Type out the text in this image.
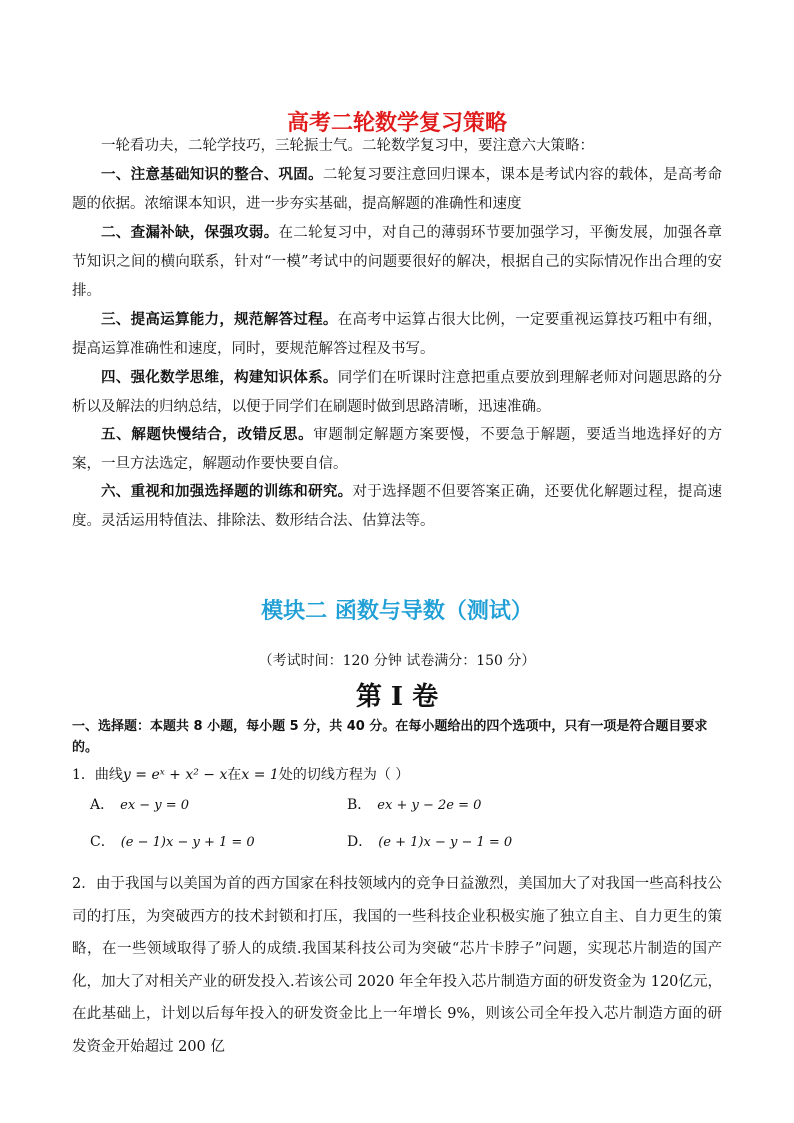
高考二轮数学复习策略
一轮看功夫，二轮学技巧，三轮振士气。二轮数学复习中，要注意六大策略：
一、注意基础知识的整合、巩固。二轮复习要注意回归课本，课本是考试内容的载体，是高考命题的依据。浓缩课本知识，进一步夯实基础，提高解题的准确性和速度
二、查漏补缺，保强攻弱。在二轮复习中，对自己的薄弱环节要加强学习，平衡发展，加强各章节知识之间的横向联系，针对“一模”考试中的问题要很好的解决，根据自己的实际情况作出合理的安排。
三、提高运算能力，规范解答过程。在高考中运算占很大比例，一定要重视运算技巧粗中有细，提高运算准确性和速度，同时，要规范解答过程及书写。
四、强化数学思维，构建知识体系。同学们在听课时注意把重点要放到理解老师对问题思路的分析以及解法的归纳总结，以便于同学们在刷题时做到思路清晰，迅速准确。
五、解题快慢结合，改错反思。审题制定解题方案要慢，不要急于解题，要适当地选择好的方案，一旦方法选定，解题动作要快要自信。
六、重视和加强选择题的训练和研究。对于选择题不但要答案正确，还要优化解题过程，提高速度。灵活运用特值法、排除法、数形结合法、估算法等。
模块二 函数与导数（测试）
（考试时间：120 分钟 试卷满分：150 分）
第 I 卷
一、选择题：本题共 8 小题，每小题 5 分，共 40 分。在每小题给出的四个选项中，只有一项是符合题目要求的。
1．曲线y = eˣ + x² − x在x = 1处的切线方程为（ ）
A． ex − y = 0	B． ex + y − 2e = 0
C． (e − 1)x − y + 1 = 0	D． (e + 1)x − y − 1 = 0
2．由于我国与以美国为首的西方国家在科技领域内的竞争日益激烈，美国加大了对我国一些高科技公司的打压，为突破西方的技术封锁和打压，我国的一些科技企业积极实施了独立自主、自力更生的策略，在一些领域取得了骄人的成绩.我国某科技公司为突破“芯片卡脖子”问题，实现芯片制造的国产化，加大了对相关产业的研发投入.若该公司 2020 年全年投入芯片制造方面的研发资金为 120亿元，在此基础上，计划以后每年投入的研发资金比上一年增长 9%，则该公司全年投入芯片制造方面的研发资金开始超过 200 亿
